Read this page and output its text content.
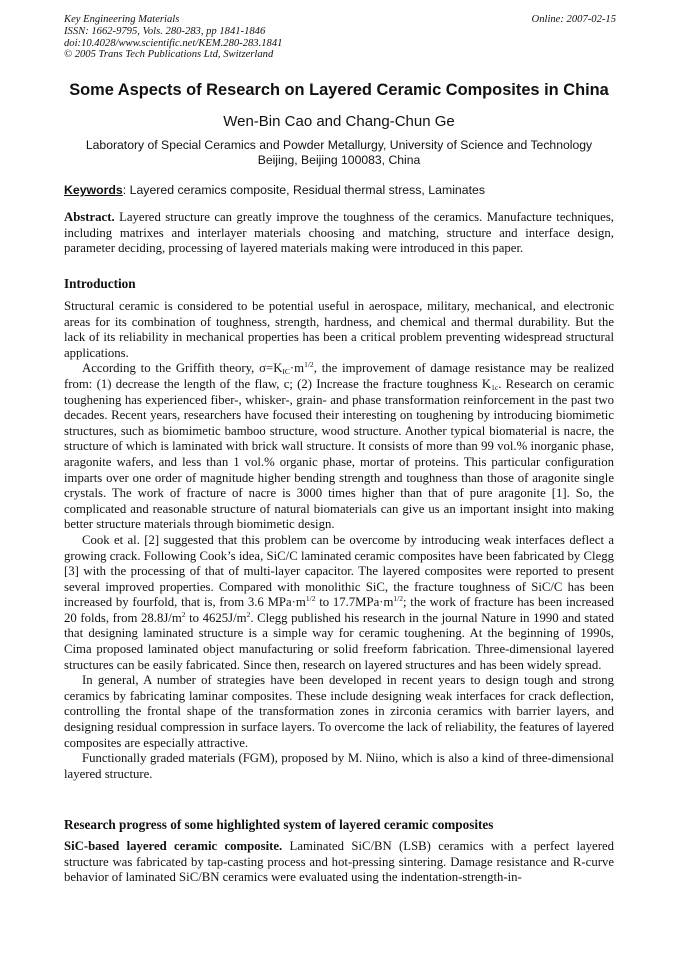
Key Engineering Materials
ISSN: 1662-9795, Vols. 280-283, pp 1841-1846
doi:10.4028/www.scientific.net/KEM.280-283.1841
© 2005 Trans Tech Publications Ltd, Switzerland
Online: 2007-02-15
Some Aspects of Research on Layered Ceramic Composites in China
Wen-Bin Cao and Chang-Chun Ge
Laboratory of Special Ceramics and Powder Metallurgy, University of Science and Technology
Beijing, Beijing 100083, China
Keywords: Layered ceramics composite, Residual thermal stress, Laminates

Abstract. Layered structure can greatly improve the toughness of the ceramics. Manufacture techniques, including matrixes and interlayer materials choosing and matching, structure and interface design, parameter deciding, processing of layered materials making were introduced in this paper.

Introduction

Structural ceramic is considered to be potential useful in aerospace, military, mechanical, and electronic areas for its combination of toughness, strength, hardness, and chemical and thermal durability. But the lack of its reliability in mechanical properties has been a critical problem preventing widespread structural applications.

According to the Griffith theory, $\sigma=K_{IC}\cdot m^{1/2}$, the improvement of damage resistance may be realized from: (1) decrease the length of the flaw, c; (2) Increase the fracture toughness $K_{1c}$. Research on ceramic toughening has experienced fiber-, whisker-, grain- and phase transformation reinforcement in the past two decades. Recent years, researchers have focused their interesting on toughening by introducing biomimetic structures, such as biomimetic bamboo structure, wood structure. Another typical biomaterial is nacre, the structure of which is laminated with brick wall structure. It consists of more than 99 vol.% inorganic phase, aragonite wafers, and less than 1 vol.% organic phase, mortar of proteins. This particular configuration imparts over one order of magnitude higher bending strength and toughness than those of aragonite single crystals. The work of fracture of nacre is 3000 times higher than that of pure aragonite [1]. So, the complicated and reasonable structure of natural biomaterials can give us an important insight into making better structure materials through biomimetic design.

Cook et al. [2] suggested that this problem can be overcome by introducing weak interfaces deflect a growing crack. Following Cook’s idea, SiC/C laminated ceramic composites have been fabricated by Clegg [3] with the processing of that of multi-layer capacitor. The layered composites were reported to present several improved properties. Compared with monolithic SiC, the fracture toughness of SiC/C has been increased by fourfold, that is, from 3.6 $MPa\cdot m^{1/2}$ to $17.7MPa\cdot m^{1/2}$; the work of fracture has been increased 20 folds, from $28.8J/m^2$ to $4625J/m^2$. Clegg published his research in the journal Nature in 1990 and stated that designing laminated structure is a simple way for ceramic toughening. At the beginning of 1990s, Cima proposed laminated object manufacturing or solid freeform fabrication. Three-dimensional layered structures can be easily fabricated. Since then, research on layered structures and has been widely spread.

In general, A number of strategies have been developed in recent years to design tough and strong ceramics by fabricating laminar composites. These include designing weak interfaces for crack deflection, controlling the frontal shape of the transformation zones in zirconia ceramics with barrier layers, and designing residual compression in surface layers. To overcome the lack of reliability, the features of layered composites are especially attractive.

Functionally graded materials (FGM), proposed by M. Niino, which is also a kind of three-dimensional layered structure.

Research progress of some highlighted system of layered ceramic composites

SiC-based layered ceramic composite. Laminated SiC/BN (LSB) ceramics with a perfect layered structure was fabricated by tap-casting process and hot-pressing sintering. Damage resistance and R-curve behavior of laminated SiC/BN ceramics were evaluated using the indentation-strength-in-
